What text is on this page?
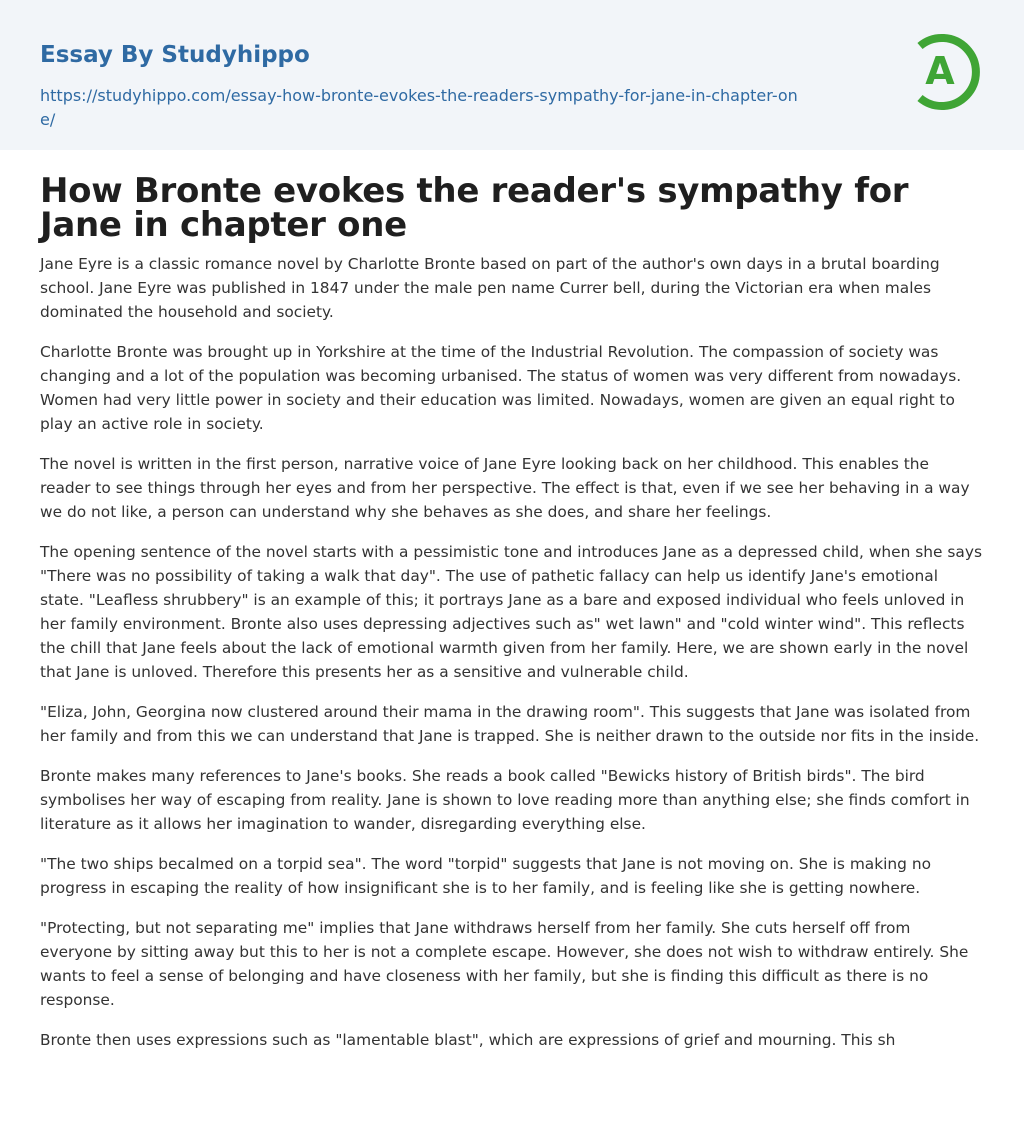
Essay By Studyhippo
https://studyhippo.com/essay-how-bronte-evokes-the-readers-sympathy-for-jane-in-chapter-one/
A
How Bronte evokes the reader's sympathy for Jane in chapter one

Jane Eyre is a classic romance novel by Charlotte Bronte based on part of the author's own days in a brutal boarding school. Jane Eyre was published in 1847 under the male pen name Currer bell, during the Victorian era when males dominated the household and society.

Charlotte Bronte was brought up in Yorkshire at the time of the Industrial Revolution. The compassion of society was changing and a lot of the population was becoming urbanised. The status of women was very different from nowadays. Women had very little power in society and their education was limited. Nowadays, women are given an equal right to play an active role in society.

The novel is written in the first person, narrative voice of Jane Eyre looking back on her childhood. This enables the reader to see things through her eyes and from her perspective. The effect is that, even if we see her behaving in a way we do not like, a person can understand why she behaves as she does, and share her feelings.

The opening sentence of the novel starts with a pessimistic tone and introduces Jane as a depressed child, when she says "There was no possibility of taking a walk that day". The use of pathetic fallacy can help us identify Jane's emotional state. "Leafless shrubbery" is an example of this; it portrays Jane as a bare and exposed individual who feels unloved in her family environment. Bronte also uses depressing adjectives such as" wet lawn" and "cold winter wind". This reflects the chill that Jane feels about the lack of emotional warmth given from her family. Here, we are shown early in the novel that Jane is unloved. Therefore this presents her as a sensitive and vulnerable child.

"Eliza, John, Georgina now clustered around their mama in the drawing room". This suggests that Jane was isolated from her family and from this we can understand that Jane is trapped. She is neither drawn to the outside nor fits in the inside.

Bronte makes many references to Jane's books. She reads a book called "Bewicks history of British birds". The bird symbolises her way of escaping from reality. Jane is shown to love reading more than anything else; she finds comfort in literature as it allows her imagination to wander, disregarding everything else.

"The two ships becalmed on a torpid sea". The word "torpid" suggests that Jane is not moving on. She is making no progress in escaping the reality of how insignificant she is to her family, and is feeling like she is getting nowhere.

"Protecting, but not separating me" implies that Jane withdraws herself from her family. She cuts herself off from everyone by sitting away but this to her is not a complete escape. However, she does not wish to withdraw entirely. She wants to feel a sense of belonging and have closeness with her family, but she is finding this difficult as there is no response.

Bronte then uses expressions such as "lamentable blast", which are expressions of grief and mourning. This sh
